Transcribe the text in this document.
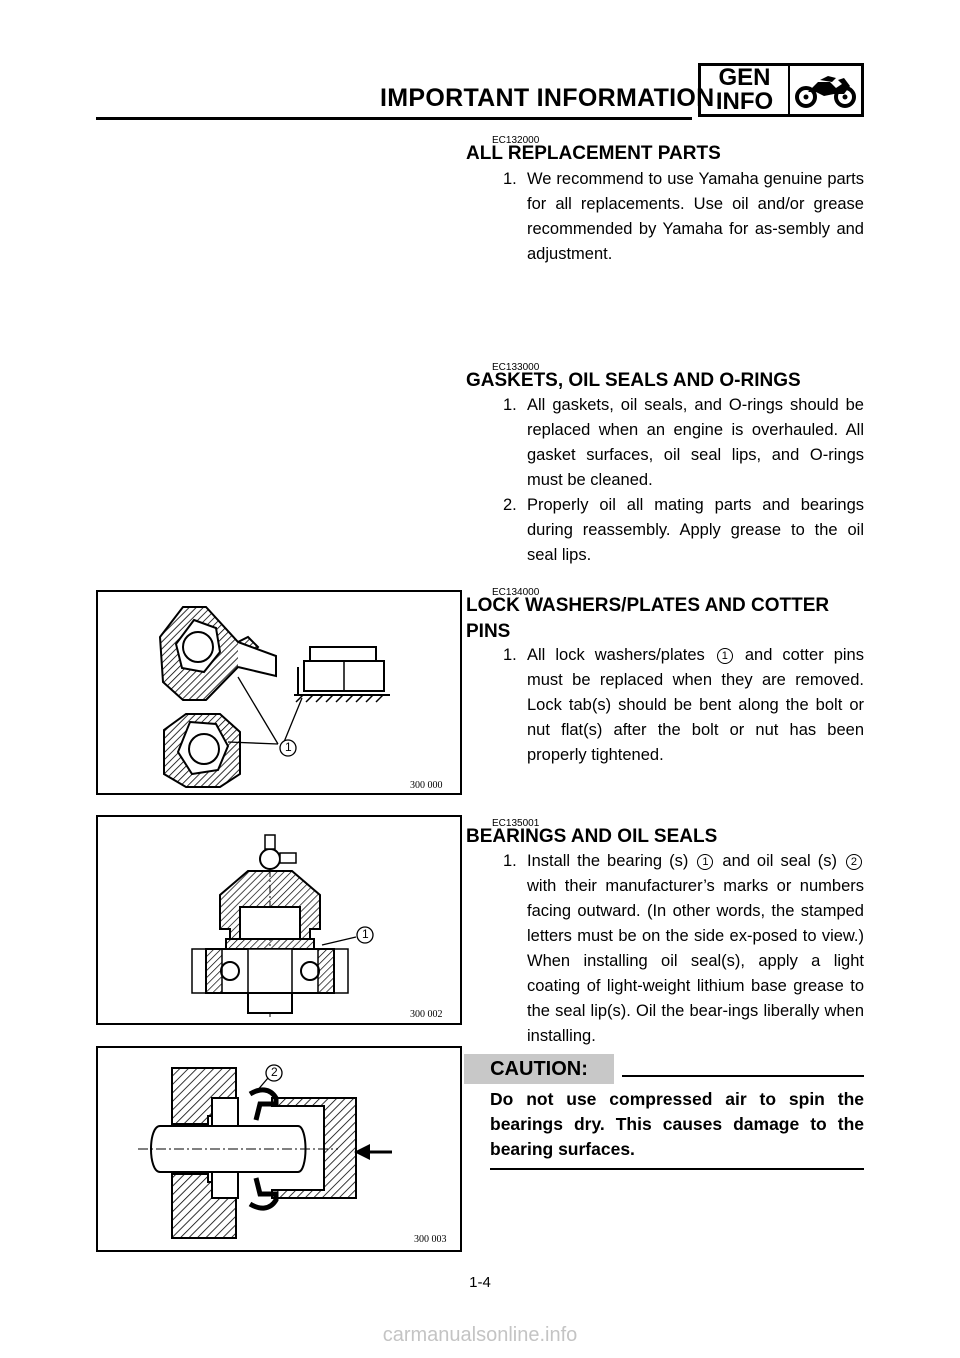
IMPORTANT INFORMATION
GEN
INFO
EC132000
ALL REPLACEMENT PARTS
1. We recommend to use Yamaha genuine parts for all replacements. Use oil and/or grease recommended by Yamaha for as-sembly and adjustment.
EC133000
GASKETS, OIL SEALS AND O-RINGS
1. All gaskets, oil seals, and O-rings should be replaced when an engine is overhauled. All gasket surfaces, oil seal lips, and O-rings must be cleaned.
2. Properly oil all mating parts and bearings during reassembly. Apply grease to the oil seal lips.
EC134000
LOCK WASHERS/PLATES AND COTTER
PINS
1. All lock washers/plates 1 and cotter pins must be replaced when they are removed. Lock tab(s) should be bent along the bolt or nut flat(s) after the bolt or nut has been properly tightened.
EC135001
BEARINGS AND OIL SEALS
1. Install the bearing (s) 1 and oil seal (s) 2 with their manufacturer’s marks or numbers facing outward. (In other words, the stamped letters must be on the side ex-posed to view.) When installing oil seal(s), apply a light coating of light-weight lithium base grease to the seal lip(s). Oil the bear-ings liberally when installing.
1
300 000
1
300 002
2
300 003
CAUTION:
Do not use compressed air to spin the bearings dry. This causes damage to the bearing surfaces.
1-4
carmanualsonline.info
